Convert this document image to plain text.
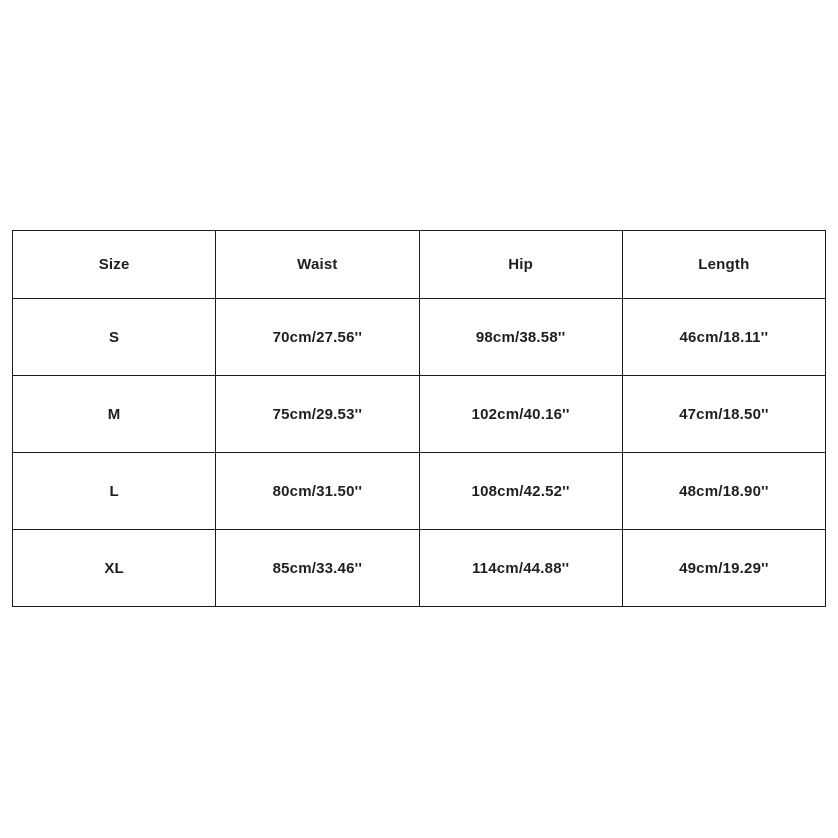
Size	Waist	Hip	Length
S	70cm/27.56''	98cm/38.58''	46cm/18.11''
M	75cm/29.53''	102cm/40.16''	47cm/18.50''
L	80cm/31.50''	108cm/42.52''	48cm/18.90''
XL	85cm/33.46''	114cm/44.88''	49cm/19.29''
